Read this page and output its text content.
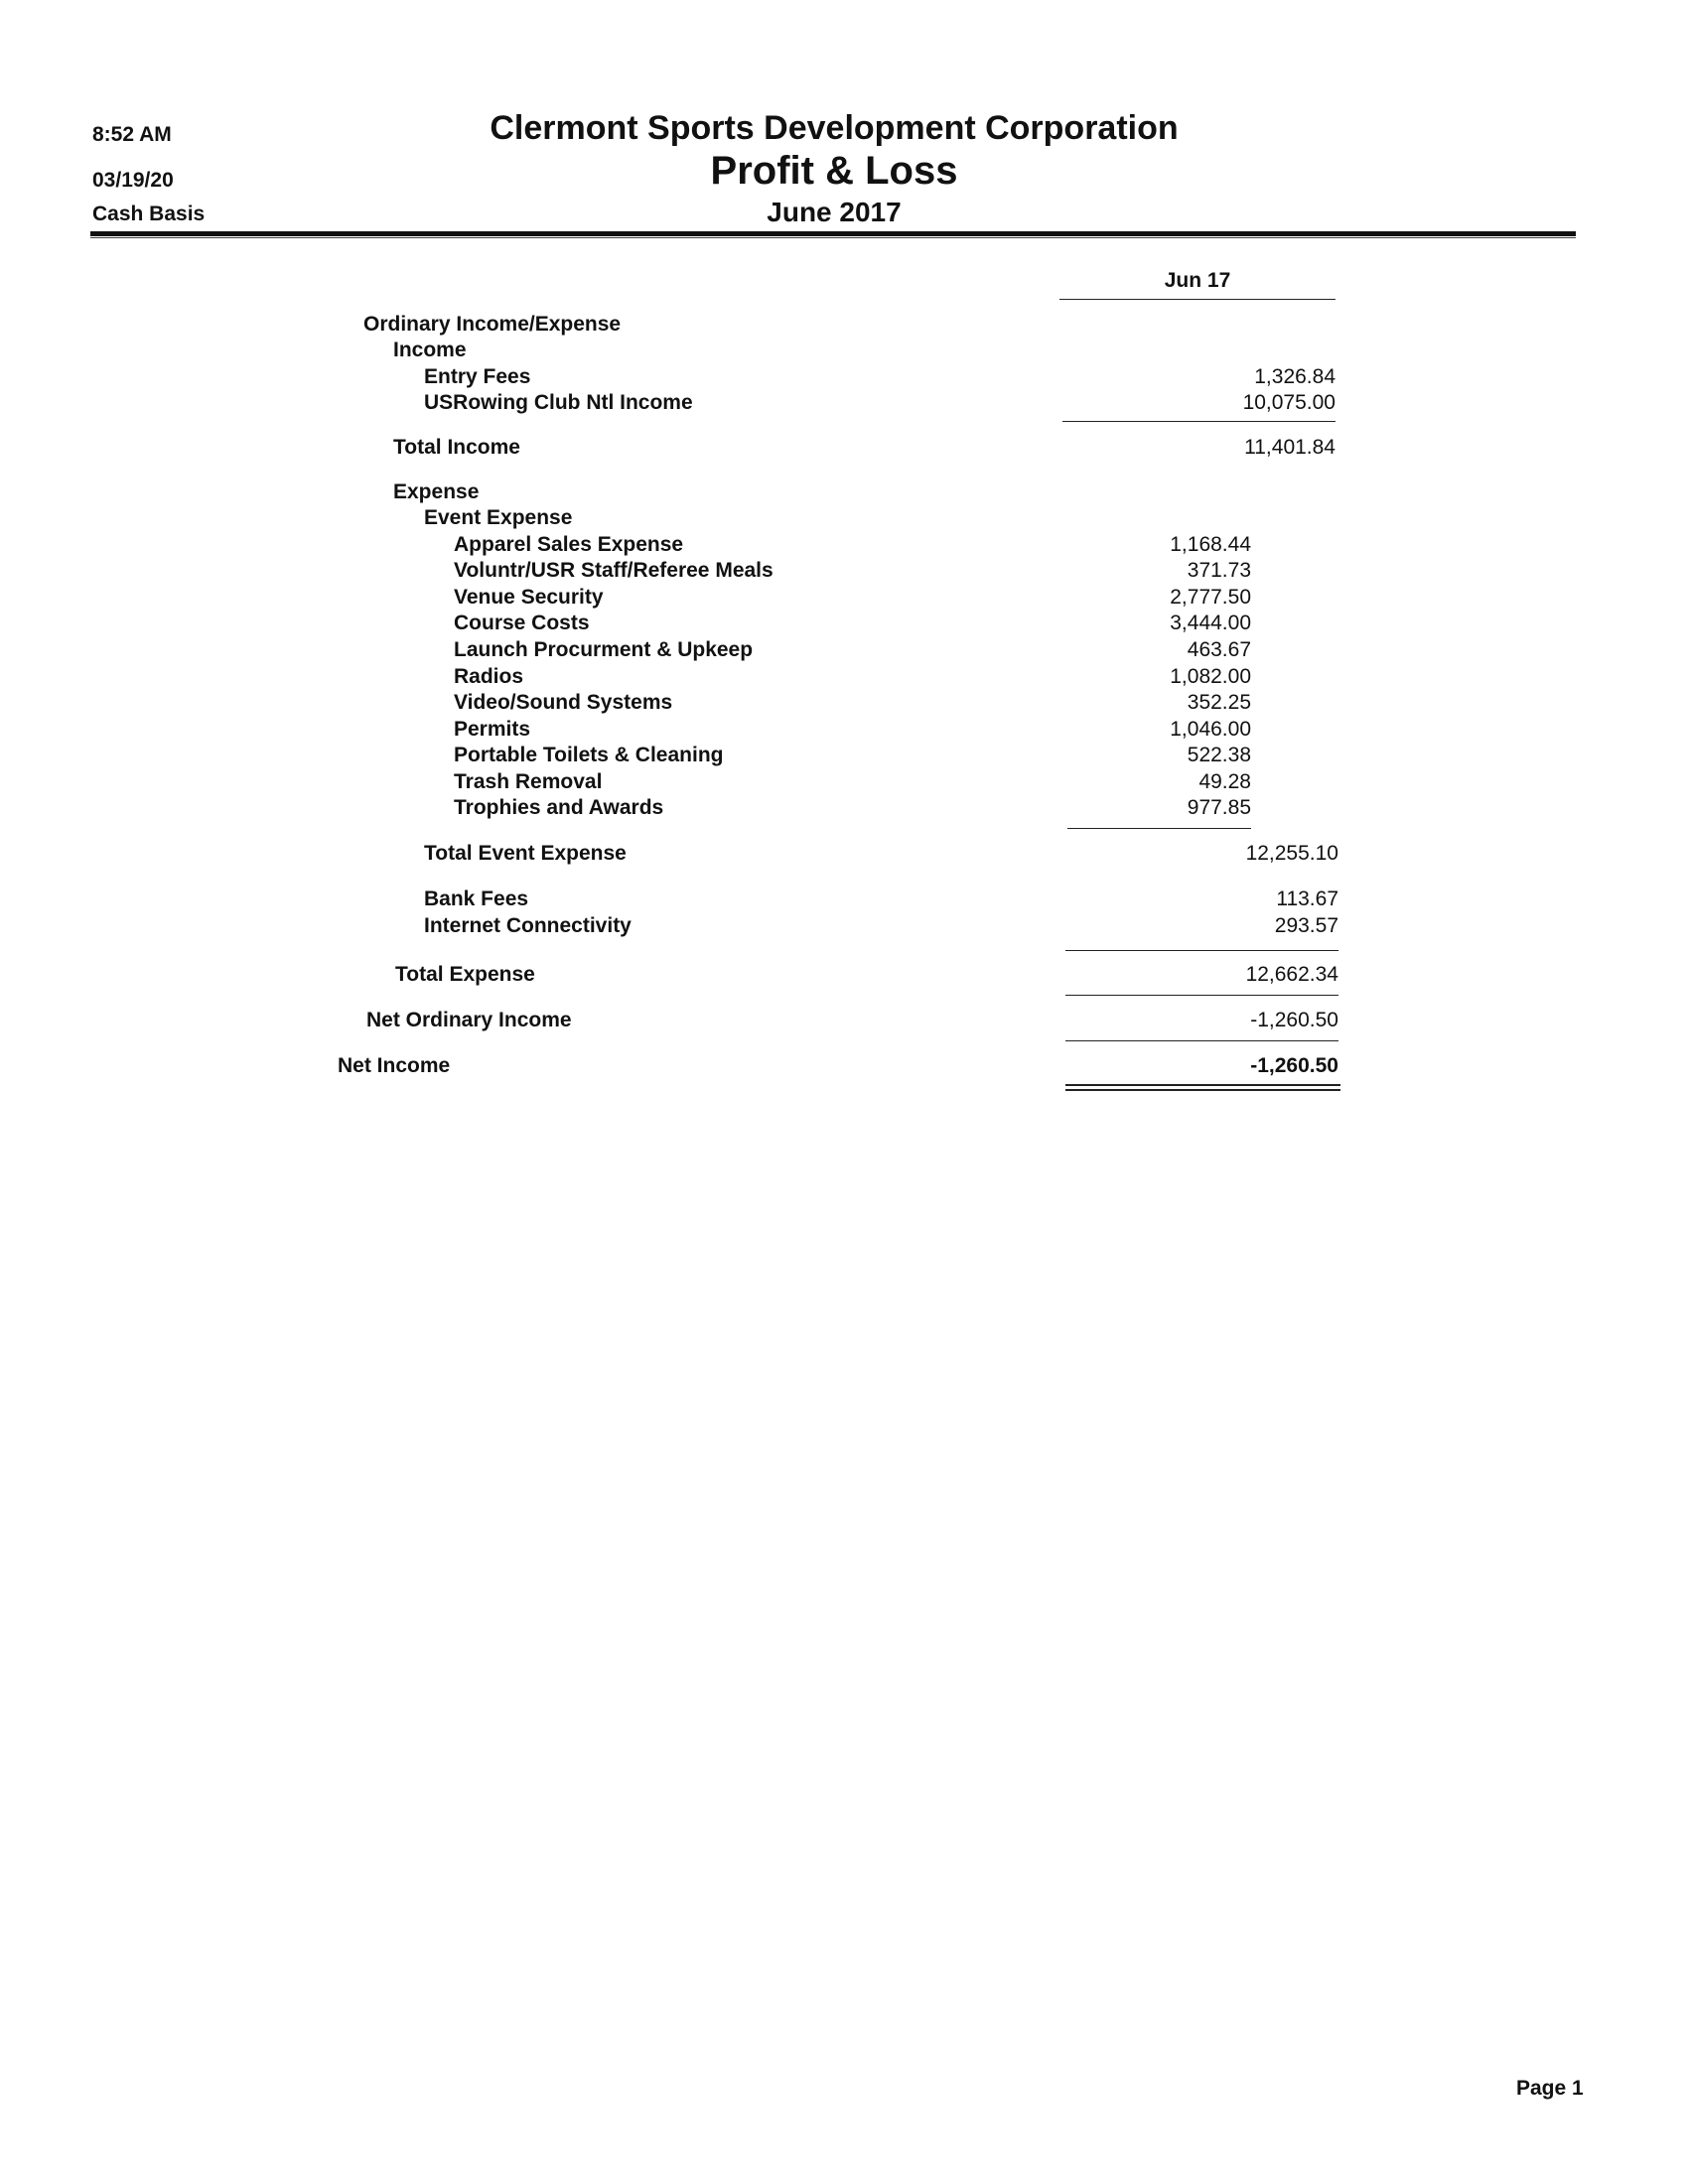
8:52 AM
03/19/20
Cash Basis
Clermont Sports Development Corporation
Profit & Loss
June 2017
Jun 17
Ordinary Income/Expense
Income
Entry Fees	1,326.84
USRowing Club Ntl Income	10,075.00
Total Income	11,401.84
Expense
Event Expense
Apparel Sales Expense	1,168.44
Voluntr/USR Staff/Referee Meals	371.73
Venue Security	2,777.50
Course Costs	3,444.00
Launch Procurment & Upkeep	463.67
Radios	1,082.00
Video/Sound Systems	352.25
Permits	1,046.00
Portable Toilets & Cleaning	522.38
Trash Removal	49.28
Trophies and Awards	977.85
Total Event Expense	12,255.10
Bank Fees	113.67
Internet Connectivity	293.57
Total Expense	12,662.34
Net Ordinary Income	-1,260.50
Net Income	-1,260.50
Page 1
